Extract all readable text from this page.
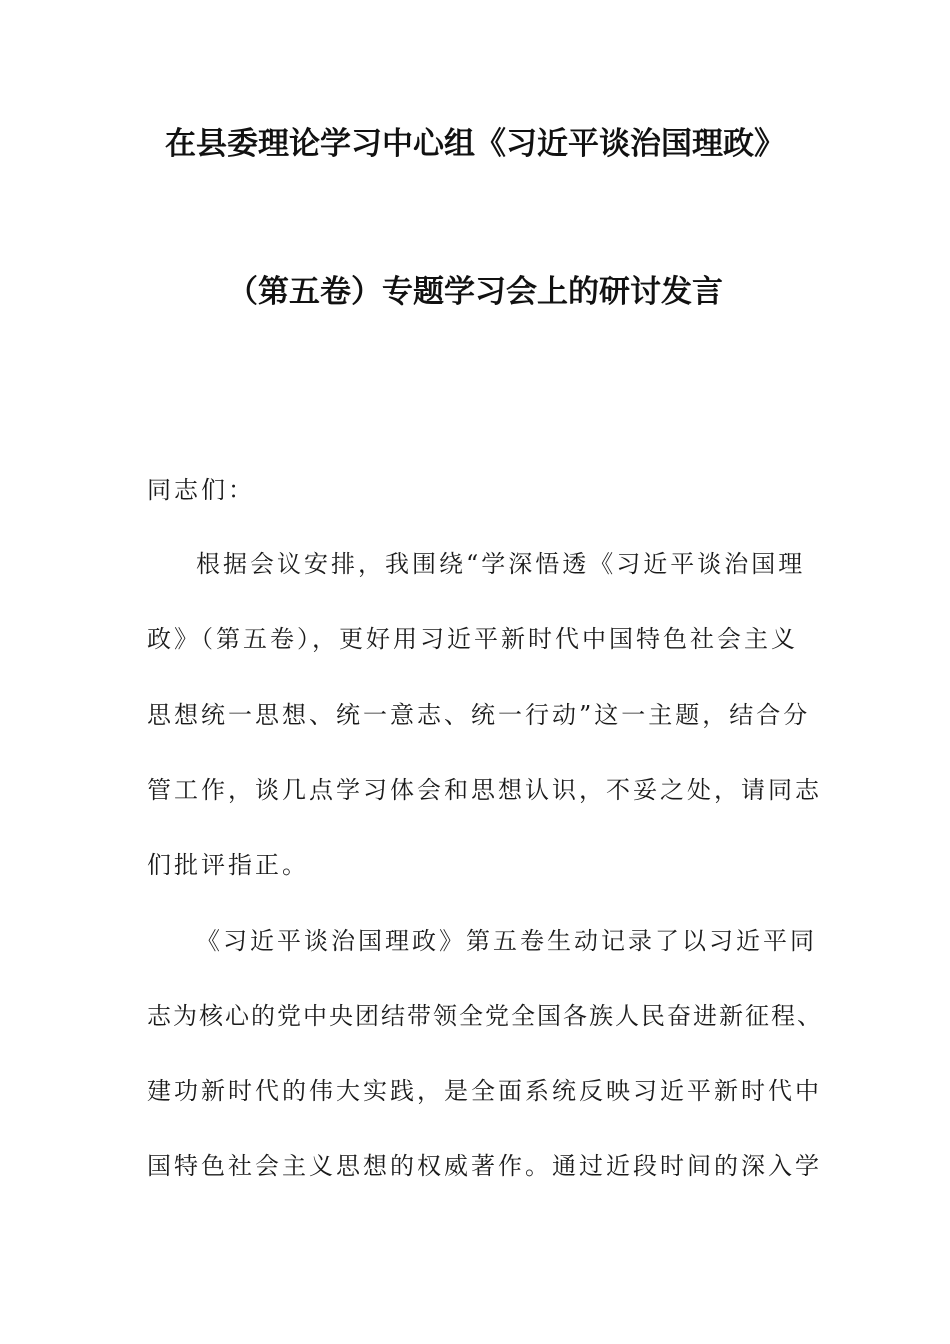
在县委理论学习中心组《习近平谈治国理政》
（第五卷）专题学习会上的研讨发言
同志们：
根据会议安排，我围绕“学深悟透《习近平谈治国理
政》（第五卷），更好用习近平新时代中国特色社会主义
思想统一思想、统一意志、统一行动”这一主题，结合分
管工作，谈几点学习体会和思想认识，不妥之处，请同志
们批评指正。
《习近平谈治国理政》第五卷生动记录了以习近平同
志为核心的党中央团结带领全党全国各族人民奋进新征程、
建功新时代的伟大实践，是全面系统反映习近平新时代中
国特色社会主义思想的权威著作。通过近段时间的深入学
